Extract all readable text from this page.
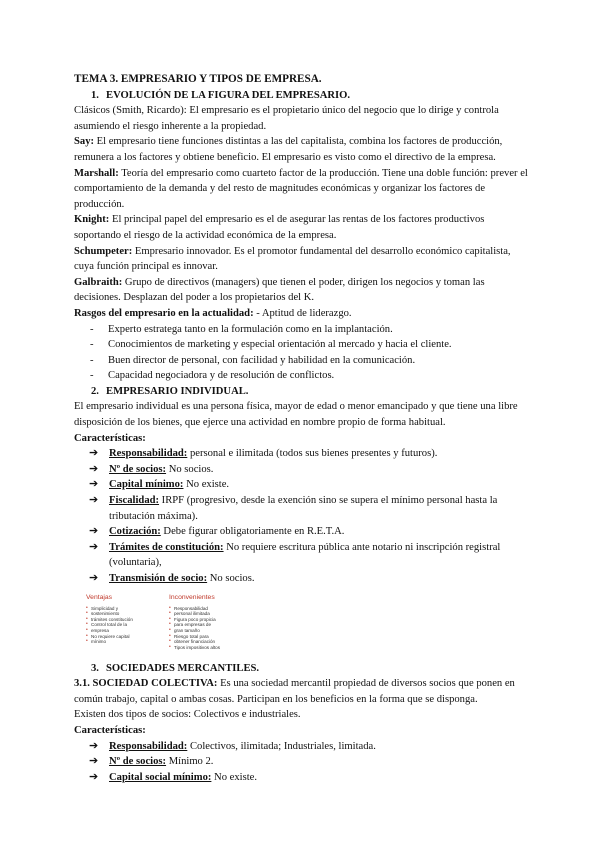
TEMA 3. EMPRESARIO Y TIPOS DE EMPRESA.

1. EVOLUCIÓN DE LA FIGURA DEL EMPRESARIO.

Clásicos (Smith, Ricardo): El empresario es el propietario único del negocio que lo dirige y controla asumiendo el riesgo inherente a la propiedad.

Say: El empresario tiene funciones distintas a las del capitalista, combina los factores de producción, remunera a los factores y obtiene beneficio. El empresario es visto como el directivo de la empresa.

Marshall: Teoría del empresario como cuarteto factor de la producción. Tiene una doble función: prever el comportamiento de la demanda y del resto de magnitudes económicas y organizar los factores de producción.

Knight: El principal papel del empresario es el de asegurar las rentas de los factores productivos soportando el riesgo de la actividad económica de la empresa.

Schumpeter: Empresario innovador. Es el promotor fundamental del desarrollo económico capitalista, cuya función principal es innovar.

Galbraith: Grupo de directivos (managers) que tienen el poder, dirigen los negocios y toman las decisiones. Desplazan del poder a los propietarios del K.

Rasgos del empresario en la actualidad: - Aptitud de liderazgo.

- Experto estratega tanto en la formulación como en la implantación.
- Conocimientos de marketing y especial orientación al mercado y hacia el cliente.
- Buen director de personal, con facilidad y habilidad en la comunicación.
- Capacidad negociadora y de resolución de conflictos.

2. EMPRESARIO INDIVIDUAL.

El empresario individual es una persona física, mayor de edad o menor emancipado y que tiene una libre disposición de los bienes, que ejerce una actividad en nombre propio de forma habitual.

Características:

➔ Responsabilidad: personal e ilimitada (todos sus bienes presentes y futuros).
➔ Nº de socios: No socios.
➔ Capital mínimo: No existe.
➔ Fiscalidad: IRPF (progresivo, desde la exención sino se supera el mínimo personal hasta la tributación máxima).
➔ Cotización: Debe figurar obligatoriamente en R.E.T.A.
➔ Trámites de constitución: No requiere escritura pública ante notario ni inscripción registral (voluntaria),
➔ Transmisión de socio: No socios.
Ventajas
• Simplicidad y
• sostenimiento
• trámites constitución
• Control total de la
• empresa
• No requiere capital
• mínimo
Inconvenientes
• Responsabilidad
• personal ilimitada
• Figura poco propicia
• para empresas de
• gran tamaño
• Riesgo total para
• obtener financiación
• Tipos impositivos altos

3. SOCIEDADES MERCANTILES.

3.1. SOCIEDAD COLECTIVA: Es una sociedad mercantil propiedad de diversos socios que ponen en común trabajo, capital o ambas cosas. Participan en los beneficios en la forma que se disponga.

Existen dos tipos de socios: Colectivos e industriales.

Características:

➔ Responsabilidad: Colectivos, ilimitada; Industriales, limitada.
➔ Nº de socios: Mínimo 2.
➔ Capital social mínimo: No existe.
